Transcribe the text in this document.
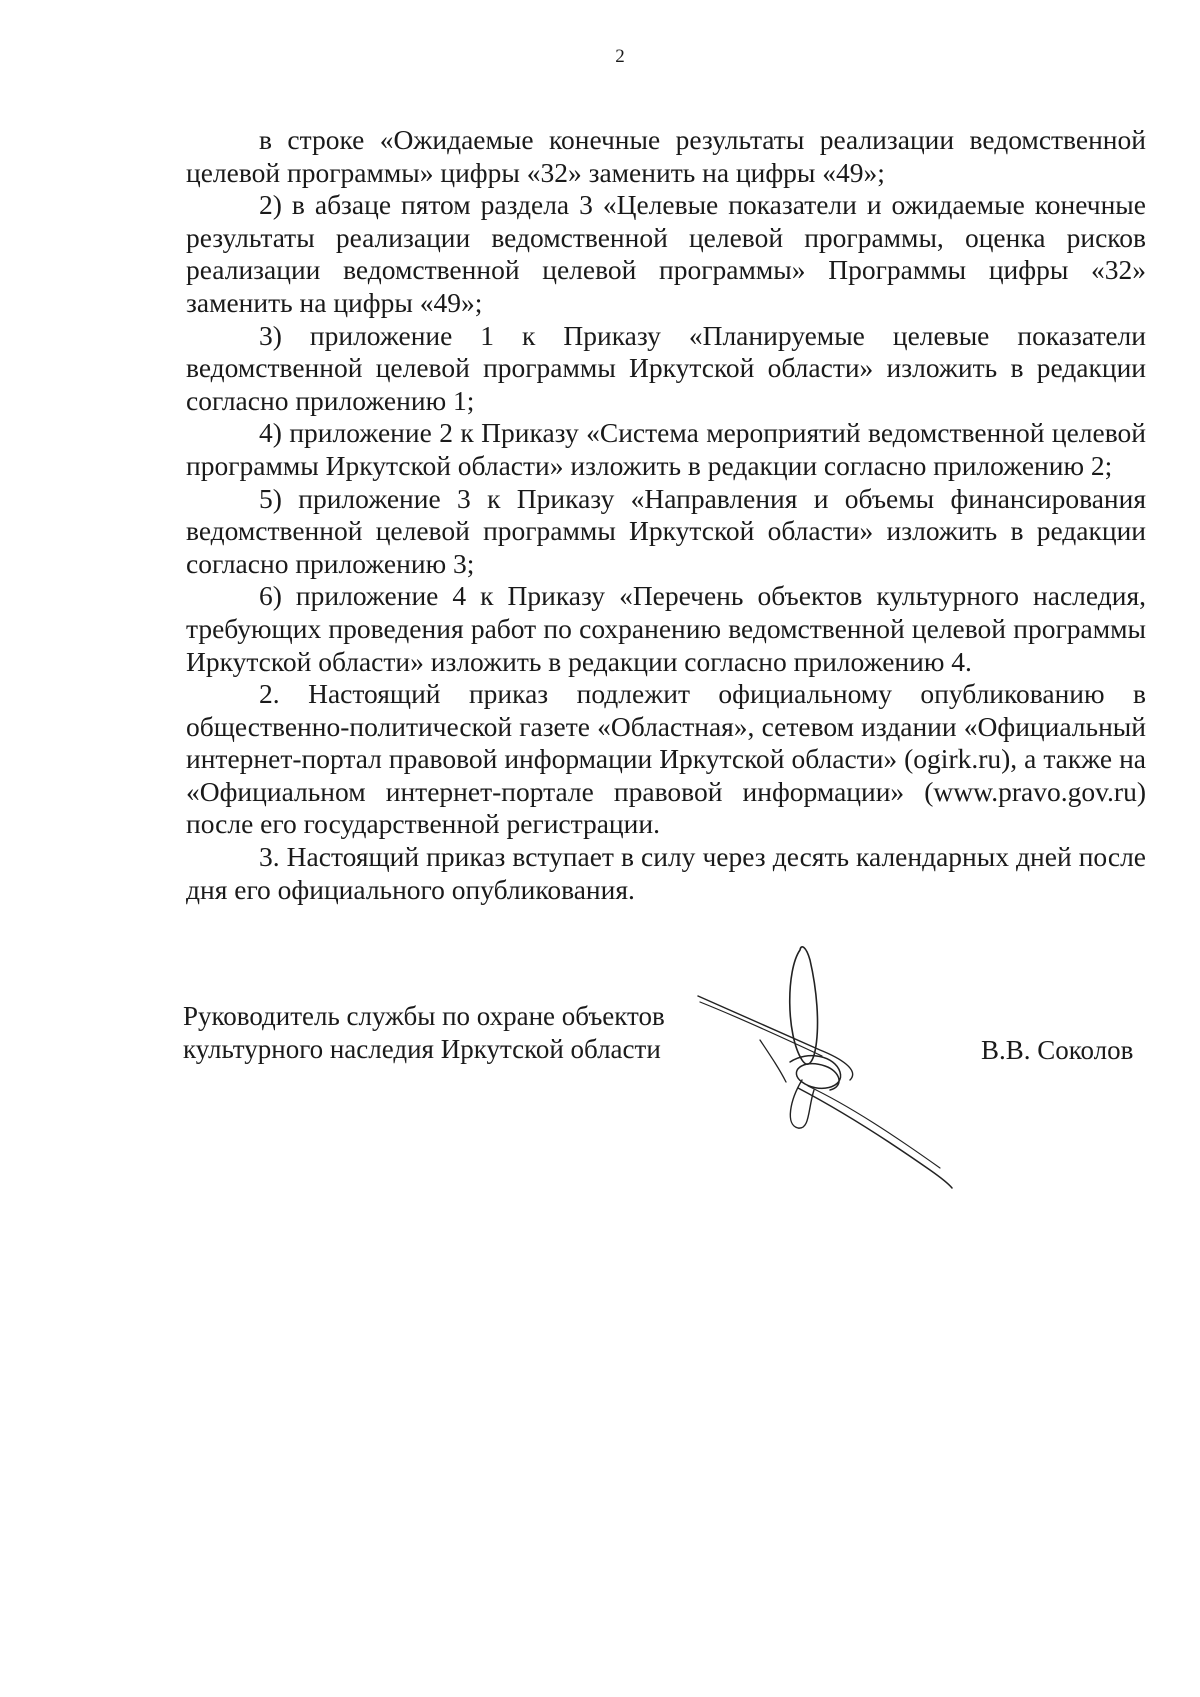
2

в строке «Ожидаемые конечные результаты реализации ведомственной целевой программы» цифры «32» заменить на цифры «49»;

2) в абзаце пятом раздела 3 «Целевые показатели и ожидаемые конечные результаты реализации ведомственной целевой программы, оценка рисков реализации ведомственной целевой программы» Программы цифры «32» заменить на цифры «49»;

3) приложение 1 к Приказу «Планируемые целевые показатели ведомственной целевой программы Иркутской области» изложить в редакции согласно приложению 1;

4) приложение 2 к Приказу «Система мероприятий ведомственной целевой программы Иркутской области» изложить в редакции согласно приложению 2;

5) приложение 3 к Приказу «Направления и объемы финансирования ведомственной целевой программы Иркутской области» изложить в редакции согласно приложению 3;

6) приложение 4 к Приказу «Перечень объектов культурного наследия, требующих проведения работ по сохранению ведомственной целевой программы Иркутской области» изложить в редакции согласно приложению 4.

2. Настоящий приказ подлежит официальному опубликованию в общественно-политической газете «Областная», сетевом издании «Официальный интернет-портал правовой информации Иркутской области» (ogirk.ru), а также на «Официальном интернет-портале правовой информации» (www.pravo.gov.ru) после его государственной регистрации.

3. Настоящий приказ вступает в силу через десять календарных дней после дня его официального опубликования.

Руководитель службы по охране объектов культурного наследия Иркутской области	В.В. Соколов
